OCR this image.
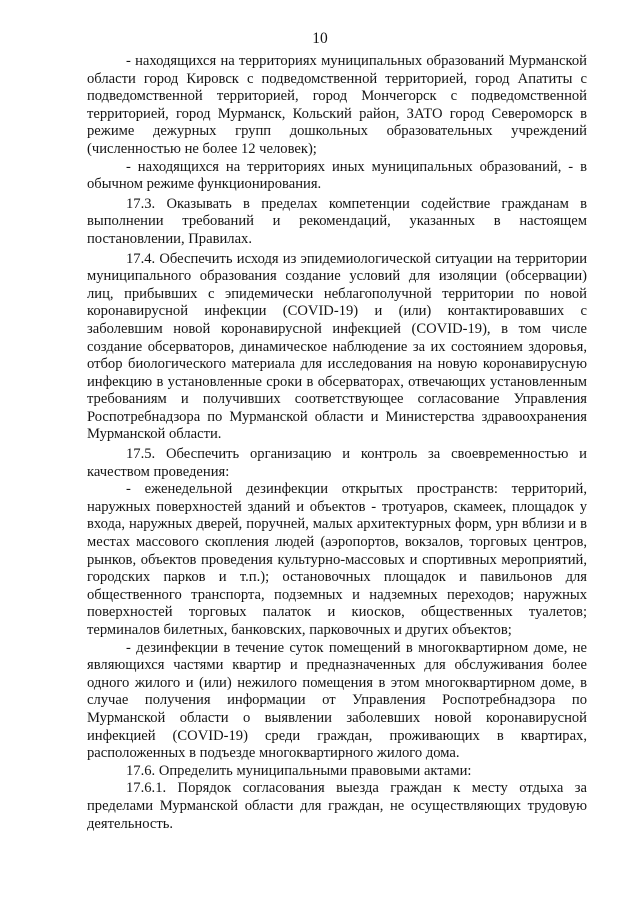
10

- находящихся на территориях муниципальных образований Мурманской области город Кировск с подведомственной территорией, город Апатиты с подведомственной территорией, город Мончегорск с подведомственной территорией, город Мурманск, Кольский район, ЗАТО город Североморск в режиме дежурных групп дошкольных образовательных учреждений (численностью не более 12 человек);

- находящихся на территориях иных муниципальных образований, - в обычном режиме функционирования.

17.3. Оказывать в пределах компетенции содействие гражданам в выполнении требований и рекомендаций, указанных в настоящем постановлении, Правилах.

17.4. Обеспечить исходя из эпидемиологической ситуации на территории муниципального образования создание условий для изоляции (обсервации) лиц, прибывших с эпидемически неблагополучной территории по новой коронавирусной инфекции (COVID-19) и (или) контактировавших с заболевшим новой коронавирусной инфекцией (COVID-19), в том числе создание обсерваторов, динамическое наблюдение за их состоянием здоровья, отбор биологического материала для исследования на новую коронавирусную инфекцию в установленные сроки в обсерваторах, отвечающих установленным требованиям и получивших соответствующее согласование Управления Роспотребнадзора по Мурманской области и Министерства здравоохранения Мурманской области.

17.5. Обеспечить организацию и контроль за своевременностью и качеством проведения:

- еженедельной дезинфекции открытых пространств: территорий, наружных поверхностей зданий и объектов - тротуаров, скамеек, площадок у входа, наружных дверей, поручней, малых архитектурных форм, урн вблизи и в местах массового скопления людей (аэропортов, вокзалов, торговых центров, рынков, объектов проведения культурно-массовых и спортивных мероприятий, городских парков и т.п.); остановочных площадок и павильонов для общественного транспорта, подземных и надземных переходов; наружных поверхностей торговых палаток и киосков, общественных туалетов; терминалов билетных, банковских, парковочных и других объектов;

- дезинфекции в течение суток помещений в многоквартирном доме, не являющихся частями квартир и предназначенных для обслуживания более одного жилого и (или) нежилого помещения в этом многоквартирном доме, в случае получения информации от Управления Роспотребнадзора по Мурманской области о выявлении заболевших новой коронавирусной инфекцией (COVID-19) среди граждан, проживающих в квартирах, расположенных в подъезде многоквартирного жилого дома.

17.6. Определить муниципальными правовыми актами:

17.6.1. Порядок согласования выезда граждан к месту отдыха за пределами Мурманской области для граждан, не осуществляющих трудовую деятельность.
